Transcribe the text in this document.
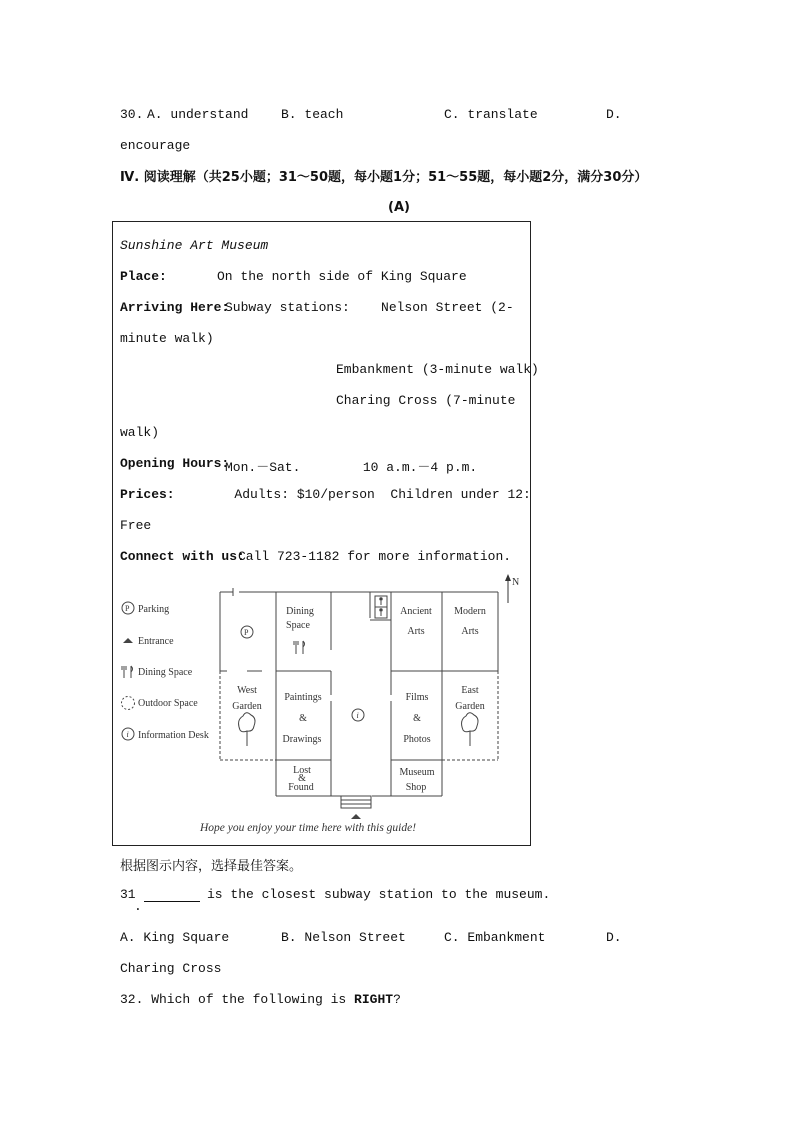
30. A. understand	B. teach	C. translate	D.
encourage
Ⅳ. 阅读理解（共25小题；31～50题，每小题1分；51～55题，每小题2分，满分30分）
(A)
Sunshine Art Museum
Place:	On the north side of King Square
Arriving Here:
Subway stations:    Nelson Street (2-
minute walk)
Embankment (3-minute walk)
Charing Cross (7-minute
walk)
Opening Hours:
Mon.－Sat.        10 a.m.－4 p.m.
Prices:
Adults: $10/person  Children under 12:
Free
Connect with us:
Call 723-1182 for more information.
N
P Parking
Entrance
Dining Space
Outdoor Space
i Information Desk
P
i
Dining
Space
Ancient
Arts
Modern
Arts
West
Garden
Paintings
&
Drawings
Films
&
Photos
East
Garden
Lost
&
Found
Museum
Shop
Hope you enjoy your time here with this guide!
根据图示内容，选择最佳答案。
31
.
is the closest subway station to the museum.
A. King Square	B. Nelson Street	C. Embankment	D.
Charing Cross
32. Which of the following is RIGHT?
